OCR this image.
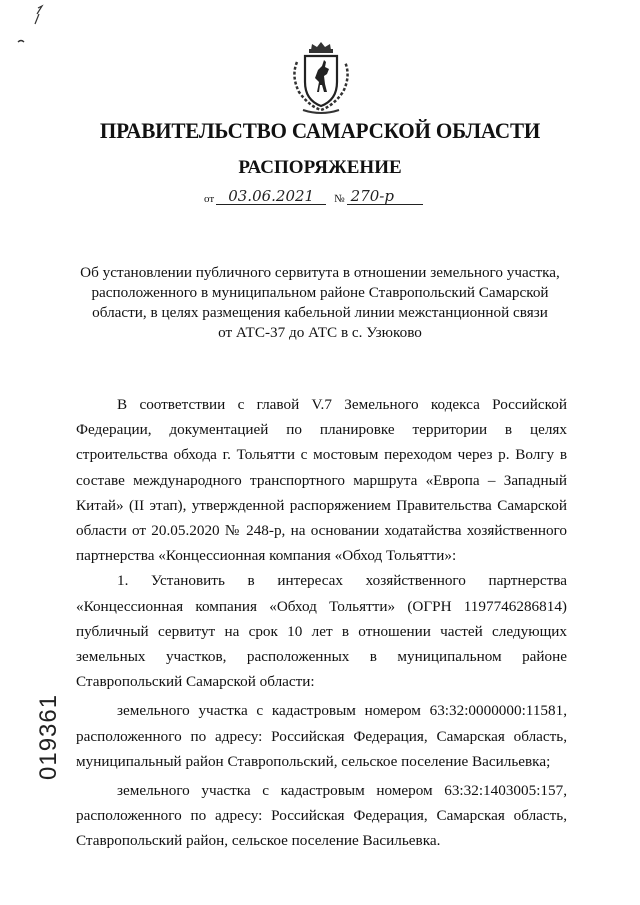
ПРАВИТЕЛЬСТВО САМАРСКОЙ ОБЛАСТИ
РАСПОРЯЖЕНИЕ
от 03.06.2021	№ 270-р
Об установлении публичного сервитута в отношении земельного участка,
расположенного в муниципальном районе Ставропольский Самарской
области, в целях размещения кабельной линии межстанционной связи
от АТС-37 до АТС в с. Узюково

В соответствии с главой V.7 Земельного кодекса Российской Федерации, документацией по планировке территории в целях строительства обхода г. Тольятти с мостовым переходом через р. Волгу в составе международного транспортного маршрута «Европа – Западный Китай» (II этап), утвержденной распоряжением Правительства Самарской области от 20.05.2020 № 248-р, на основании ходатайства хозяйственного партнерства «Концессионная компания «Обход Тольятти»:

1. Установить в интересах хозяйственного партнерства «Концессионная компания «Обход Тольятти» (ОГРН 1197746286814) публичный сервитут на срок 10 лет в отношении частей следующих земельных участков, расположенных в муниципальном районе Ставропольский Самарской области:

земельного участка с кадастровым номером 63:32:0000000:11581, расположенного по адресу: Российская Федерация, Самарская область, муниципальный район Ставропольский, сельское поселение Васильевка;

земельного участка с кадастровым номером 63:32:1403005:157, расположенного по адресу: Российская Федерация, Самарская область, Ставропольский район, сельское поселение Васильевка.

019361
